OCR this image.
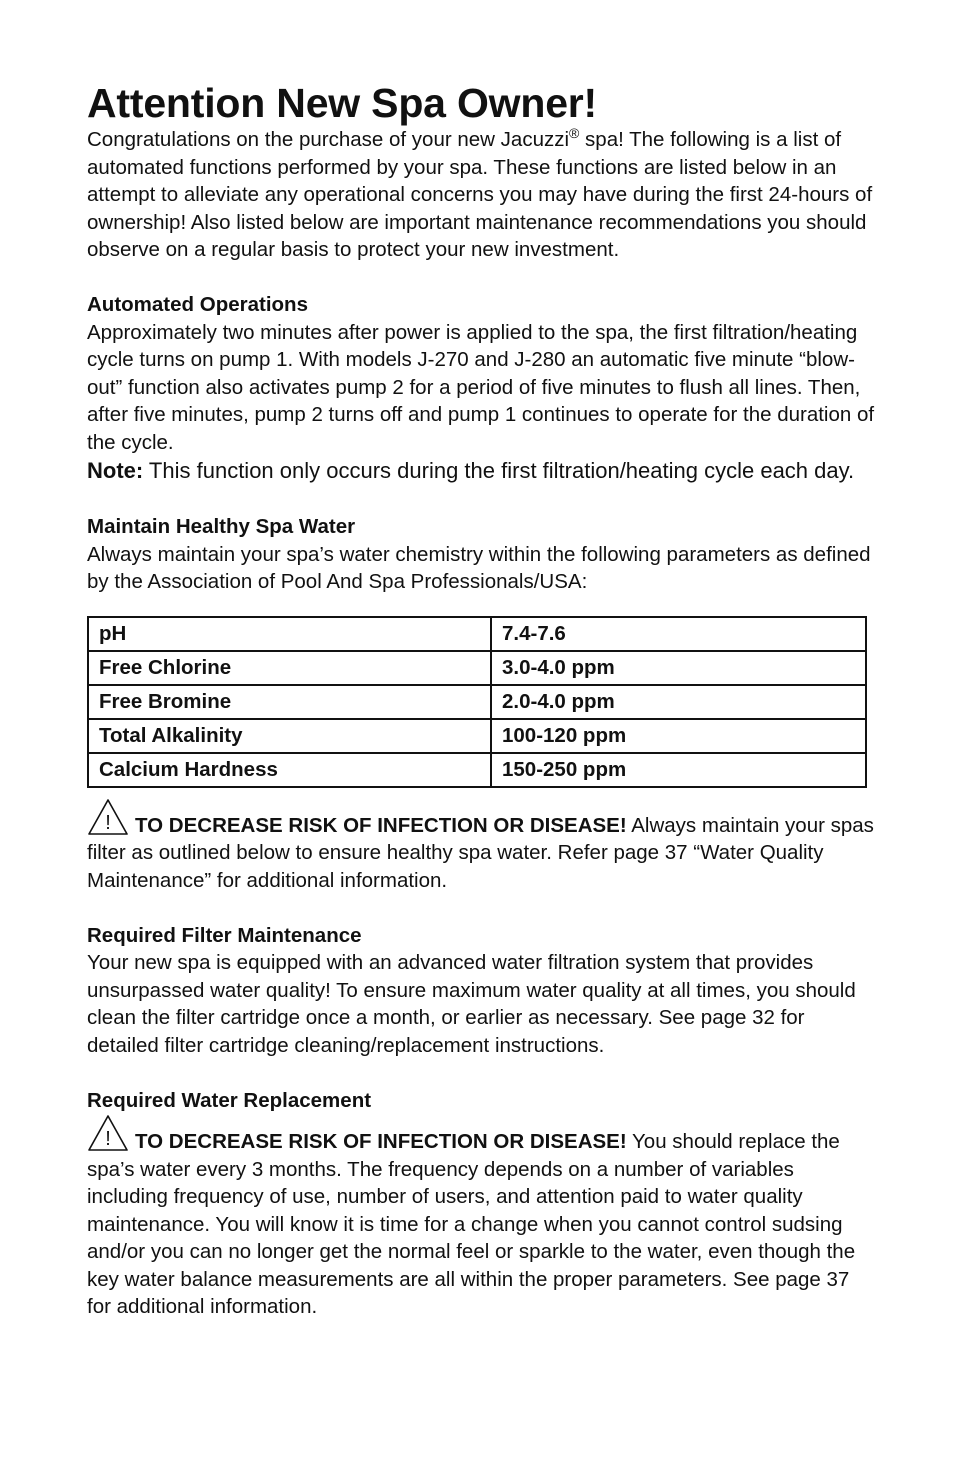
Attention New Spa Owner!

Congratulations on the purchase of your new Jacuzzi® spa! The following is a list of automated functions performed by your spa. These functions are listed below in an attempt to alleviate any operational concerns you may have during the first 24-hours of ownership! Also listed below are important maintenance recommendations you should observe on a regular basis to protect your new investment.

Automated Operations

Approximately two minutes after power is applied to the spa, the first filtration/heating cycle turns on pump 1. With models J-270 and J-280 an automatic five minute “blow-out” function also activates pump 2 for a period of five minutes to flush all lines. Then, after five minutes, pump 2 turns off and pump 1 continues to operate for the duration of the cycle.

Note: This function only occurs during the first filtration/heating cycle each day.

Maintain Healthy Spa Water

Always maintain your spa’s water chemistry within the following parameters as defined by the Association of Pool And Spa Professionals/USA:

pH	7.4-7.6
Free Chlorine	3.0-4.0 ppm
Free Bromine	2.0-4.0 ppm
Total Alkalinity	100-120 ppm
Calcium Hardness	150-250 ppm

! TO DECREASE RISK OF INFECTION OR DISEASE! Always maintain your spas filter as outlined below to ensure healthy spa water. Refer page 37 “Water Quality Maintenance” for additional information.

Required Filter Maintenance

Your new spa is equipped with an advanced water filtration system that provides unsurpassed water quality! To ensure maximum water quality at all times, you should clean the filter cartridge once a month, or earlier as necessary. See page 32 for detailed filter cartridge cleaning/replacement instructions.

Required Water Replacement

! TO DECREASE RISK OF INFECTION OR DISEASE! You should replace the spa’s water every 3 months. The frequency depends on a number of variables including frequency of use, number of users, and attention paid to water quality maintenance. You will know it is time for a change when you cannot control sudsing and/or you can no longer get the normal feel or sparkle to the water, even though the key water balance measurements are all within the proper parameters. See page 37 for additional information.
